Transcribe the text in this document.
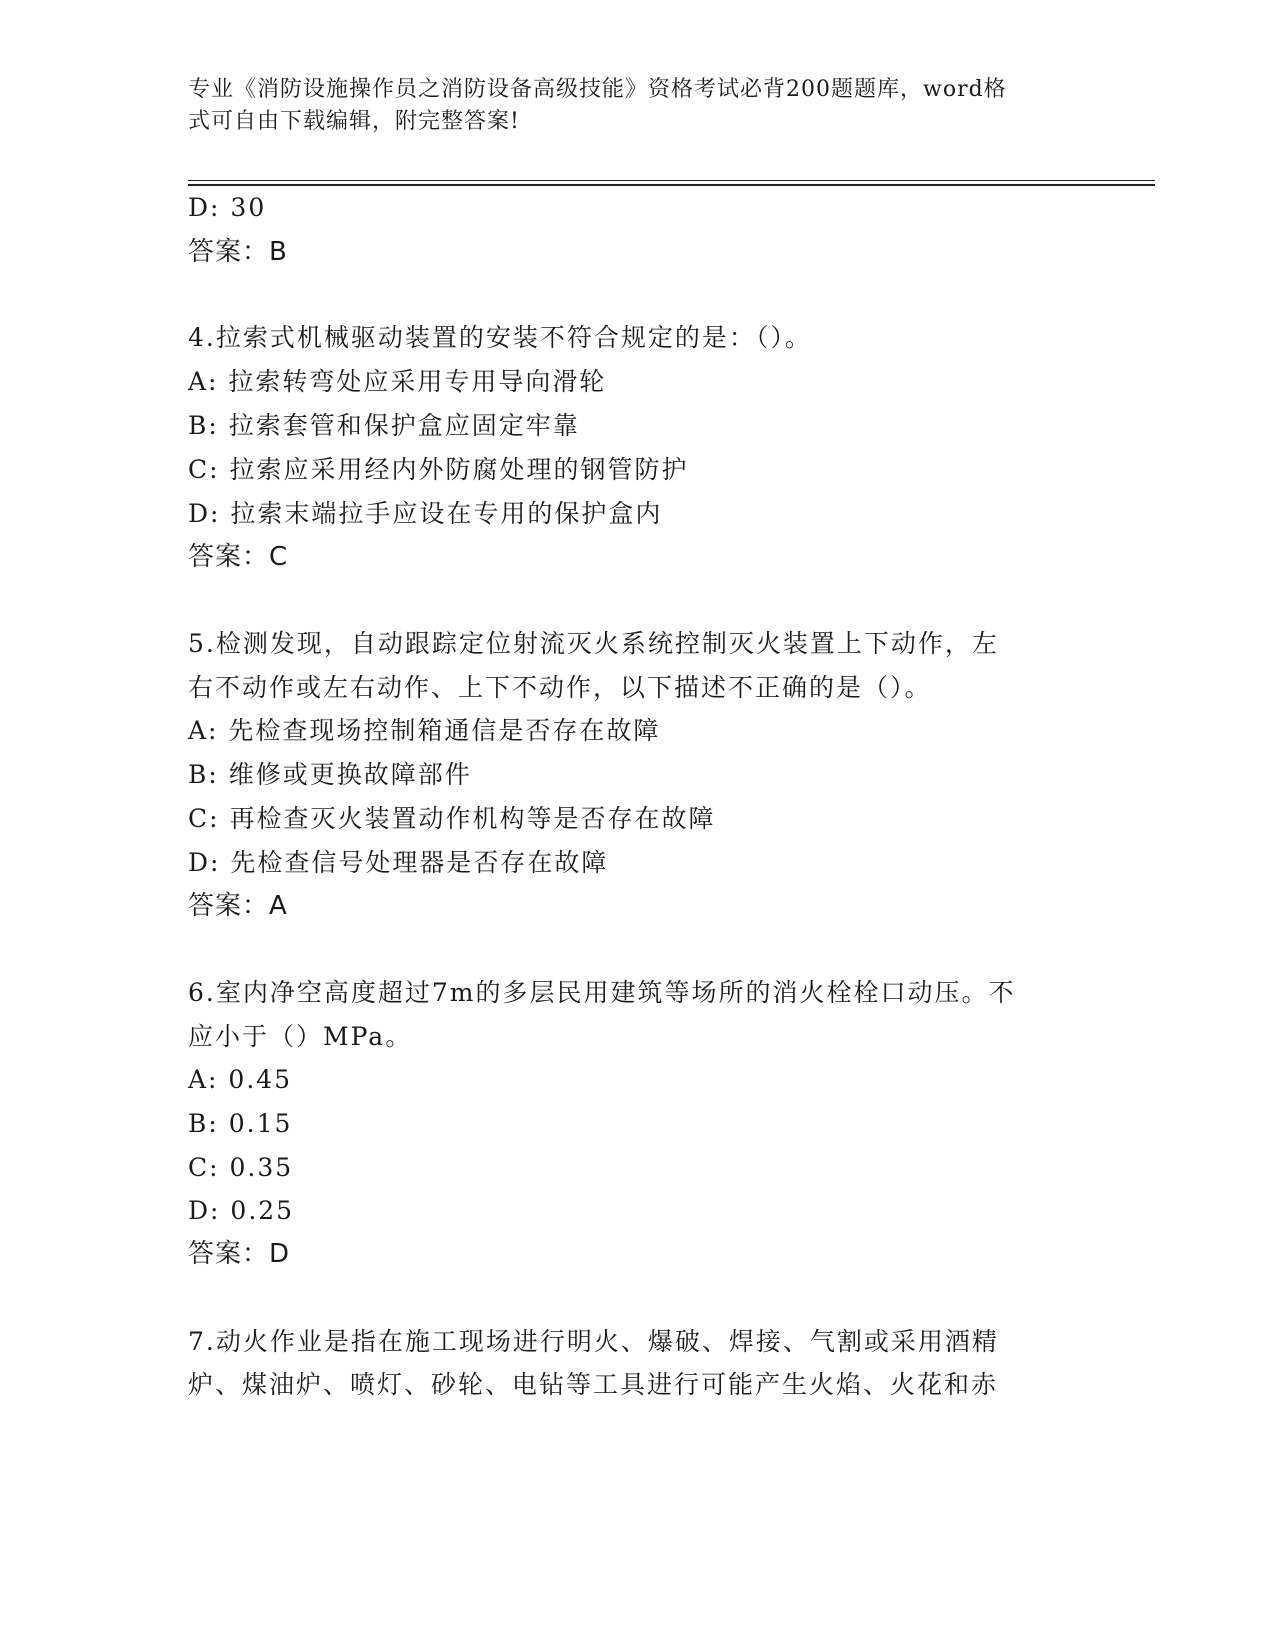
专业《消防设施操作员之消防设备高级技能》资格考试必背200题题库，word格
式可自由下载编辑，附完整答案!
D: 30
答案：B
4.拉索式机械驱动装置的安装不符合规定的是：（）。
A: 拉索转弯处应采用专用导向滑轮
B: 拉索套管和保护盒应固定牢靠
C: 拉索应采用经内外防腐处理的钢管防护
D: 拉索末端拉手应设在专用的保护盒内
答案：C
5.检测发现，自动跟踪定位射流灭火系统控制灭火装置上下动作，左
右不动作或左右动作、上下不动作，以下描述不正确的是（）。
A: 先检查现场控制箱通信是否存在故障
B: 维修或更换故障部件
C: 再检查灭火装置动作机构等是否存在故障
D: 先检查信号处理器是否存在故障
答案：A
6.室内净空高度超过7m的多层民用建筑等场所的消火栓栓口动压。不
应小于（）MPa。
A: 0.45
B: 0.15
C: 0.35
D: 0.25
答案：D
7.动火作业是指在施工现场进行明火、爆破、焊接、气割或采用酒精
炉、煤油炉、喷灯、砂轮、电钻等工具进行可能产生火焰、火花和赤
